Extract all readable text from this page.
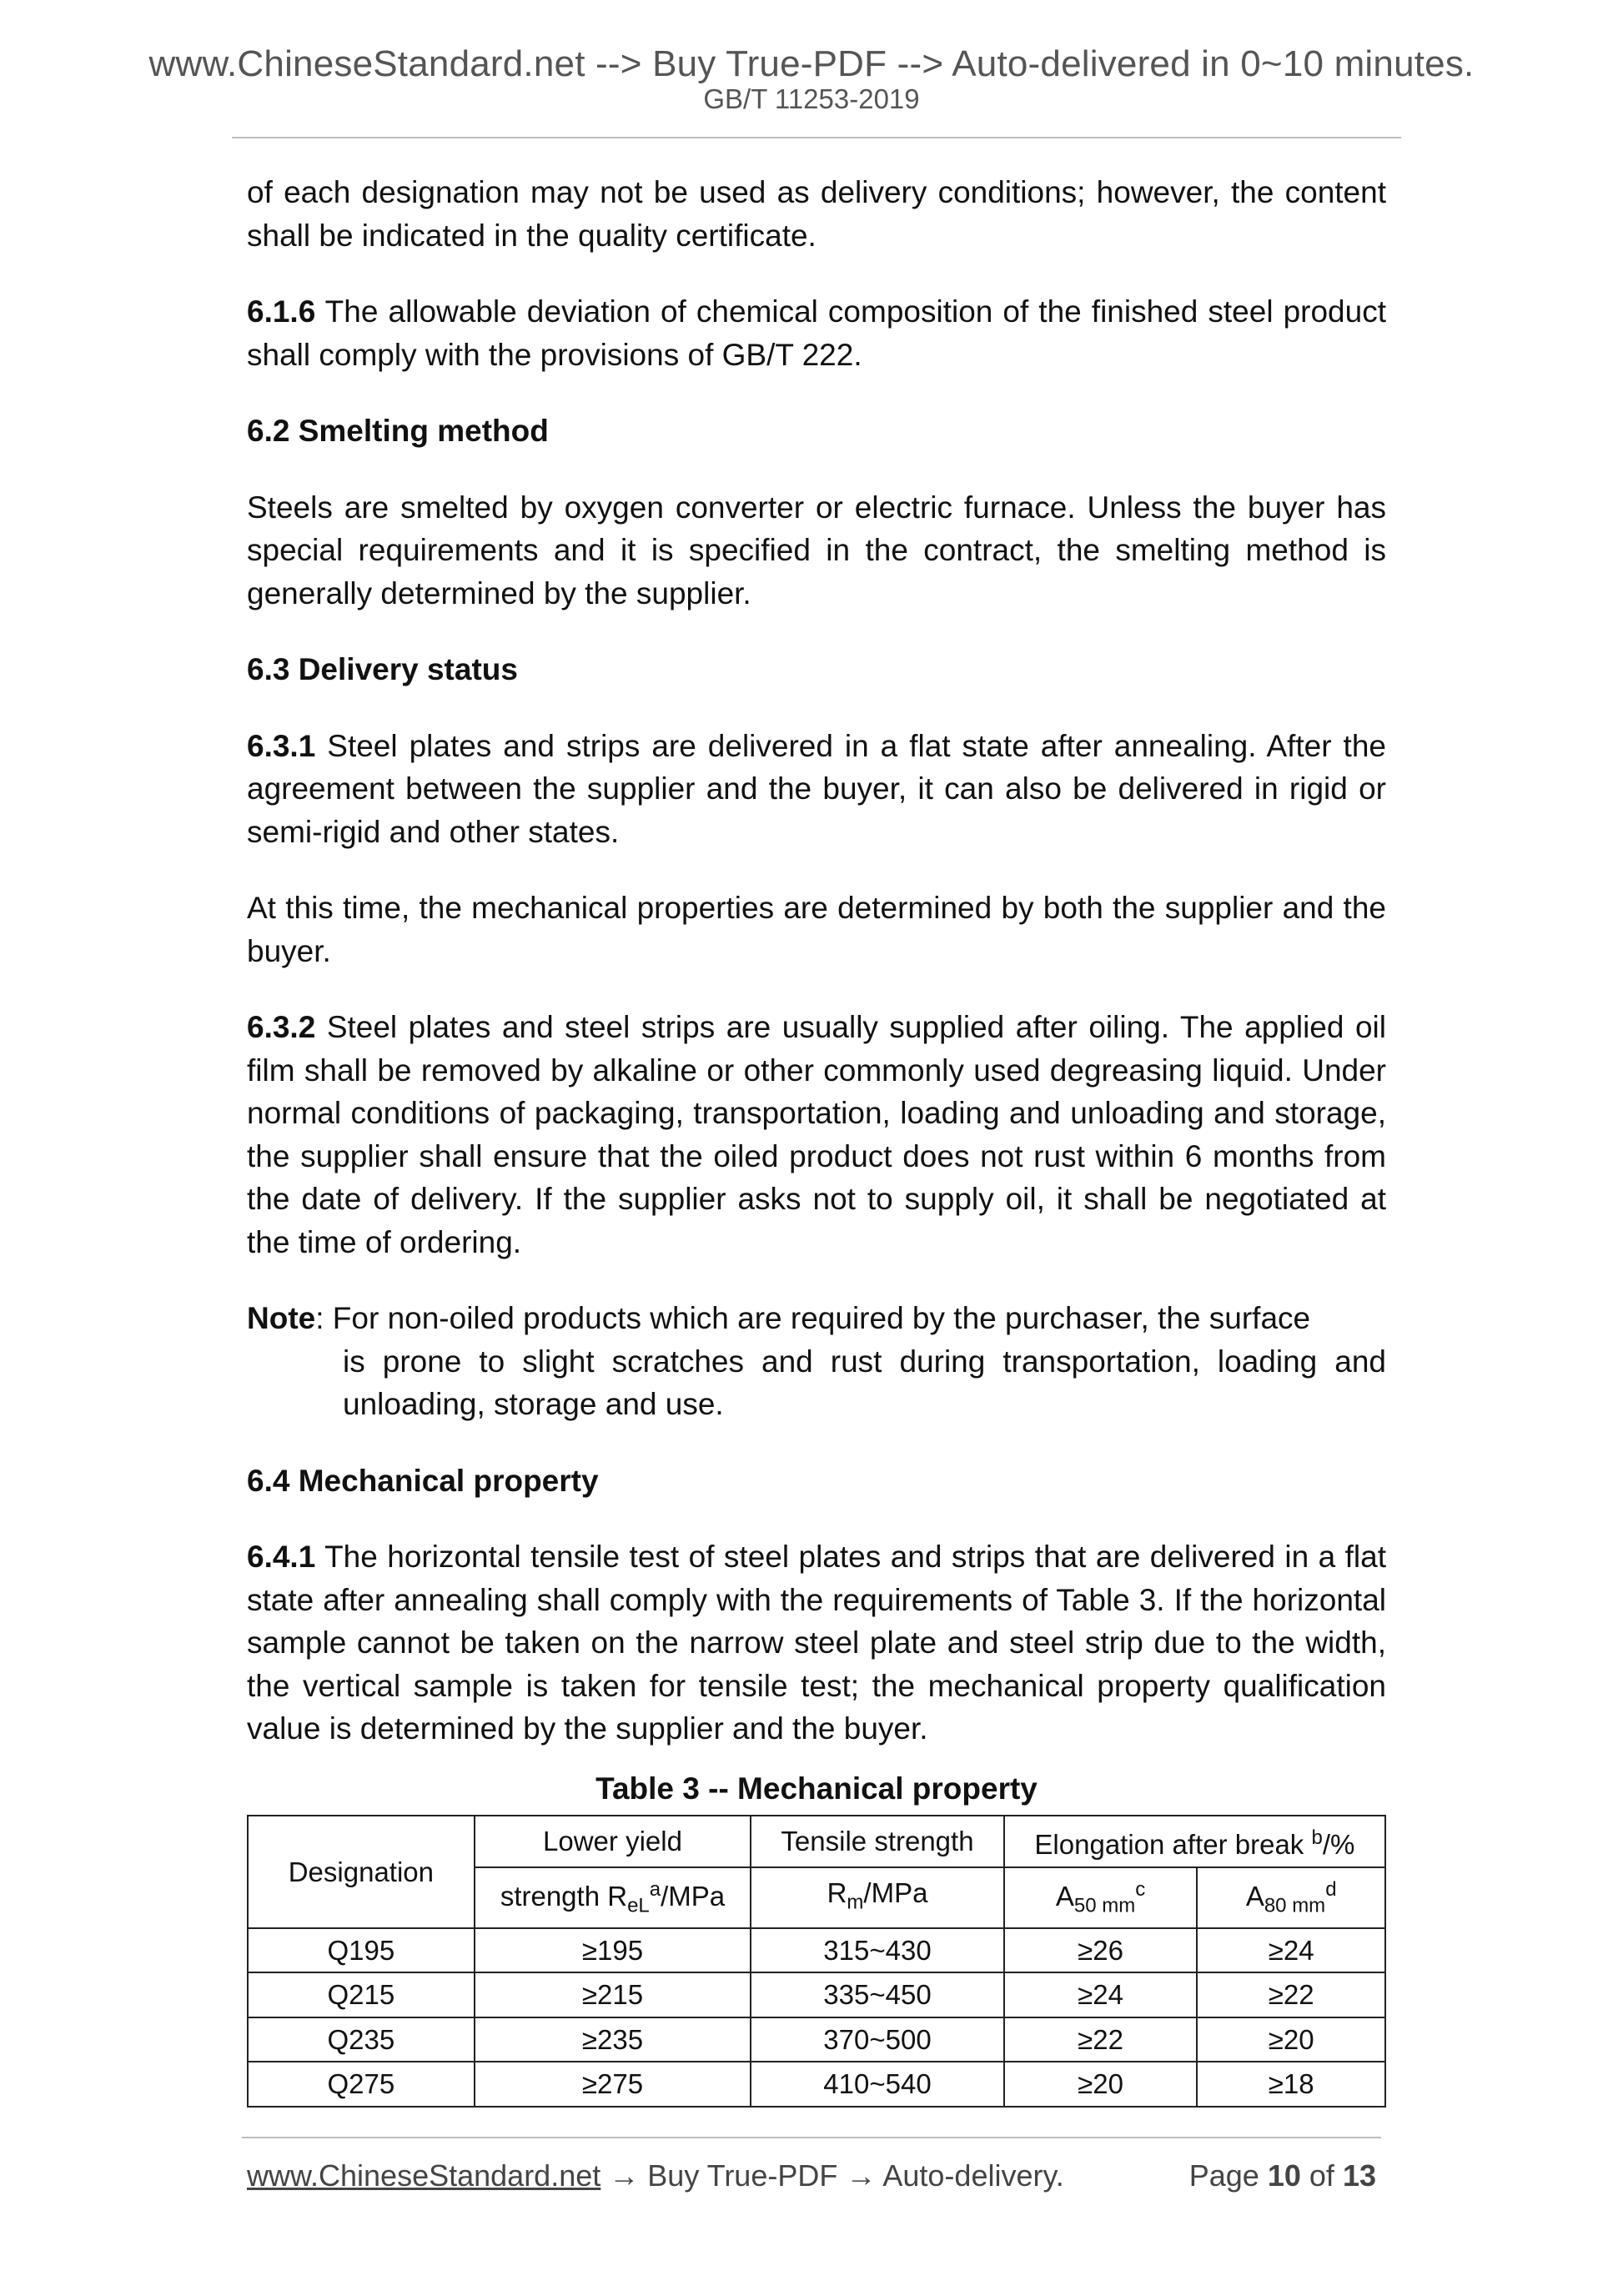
www.ChineseStandard.net --> Buy True-PDF --> Auto-delivered in 0~10 minutes.
GB/T 11253-2019

of each designation may not be used as delivery conditions; however, the content shall be indicated in the quality certificate.

6.1.6 The allowable deviation of chemical composition of the finished steel product shall comply with the provisions of GB/T 222.

6.2 Smelting method

Steels are smelted by oxygen converter or electric furnace. Unless the buyer has special requirements and it is specified in the contract, the smelting method is generally determined by the supplier.

6.3 Delivery status

6.3.1 Steel plates and strips are delivered in a flat state after annealing. After the agreement between the supplier and the buyer, it can also be delivered in rigid or semi-rigid and other states.

At this time, the mechanical properties are determined by both the supplier and the buyer.

6.3.2 Steel plates and steel strips are usually supplied after oiling. The applied oil film shall be removed by alkaline or other commonly used degreasing liquid. Under normal conditions of packaging, transportation, loading and unloading and storage, the supplier shall ensure that the oiled product does not rust within 6 months from the date of delivery. If the supplier asks not to supply oil, it shall be negotiated at the time of ordering.

Note: For non-oiled products which are required by the purchaser, the surface
is prone to slight scratches and rust during transportation, loading and unloading, storage and use.
6.4 Mechanical property

6.4.1 The horizontal tensile test of steel plates and strips that are delivered in a flat state after annealing shall comply with the requirements of Table 3. If the horizontal sample cannot be taken on the narrow steel plate and steel strip due to the width, the vertical sample is taken for tensile test; the mechanical property qualification value is determined by the supplier and the buyer.

Table 3 -- Mechanical property
Designation	Lower yield	Tensile strength	Elongation after break $^b$/%	
	strength $R_{eL}^a$/MPa	$R_m$/MPa	$A_{50 mm}^c$	$A_{80 mm}^d$
Q195	≥195	315~430	≥26	≥24
Q215	≥215	335~450	≥24	≥22
Q235	≥235	370~500	≥22	≥20
Q275	≥275	410~540	≥20	≥18
www.ChineseStandard.net → Buy True-PDF → Auto-delivery.	Page 10 of 13
